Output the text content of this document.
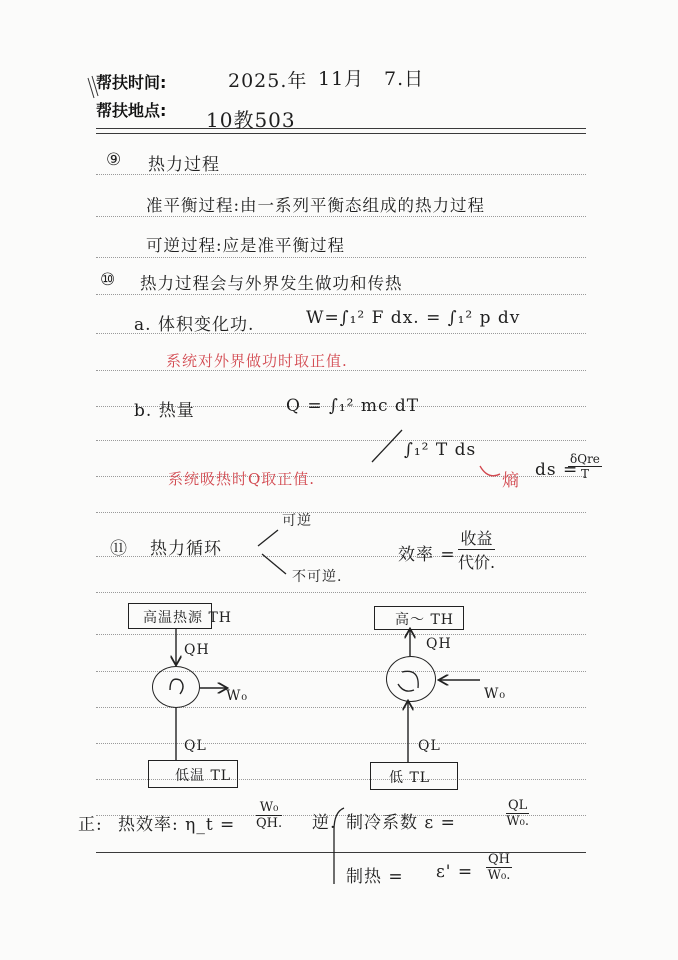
帮扶时间:	2025.年 11月 7.日
帮扶地点: 10教503
⑨ 热力过程
准平衡过程:由一系列平衡态组成的热力过程
可逆过程:应是准平衡过程
⑩ 热力过程会与外界发生做功和传热
a. 体积变化功.	W=∫₁² F dx. = ∫₁² p dv
系统对外界做功时取正值.
b. 热量	Q = ∫₁² mc dT
∫₁² T ds
熵
ds =
δQre
T
系统吸热时Q取正值.
⑪ 热力循环
可逆
不可逆.
效率 =
收益
代价.
高温热源 TH
QH
W₀
QL
低温 TL
高～ TH
QH
W₀
QL
低 TL
正: 热效率: η_t = $\frac{\text{W₀}}{QH.}$ 逆. 制冷系数 ε =	$\frac{QL}{\text{W₀.}}$
制热 = $\varepsilon' = \frac{QH}{\text{W₀.}}$
